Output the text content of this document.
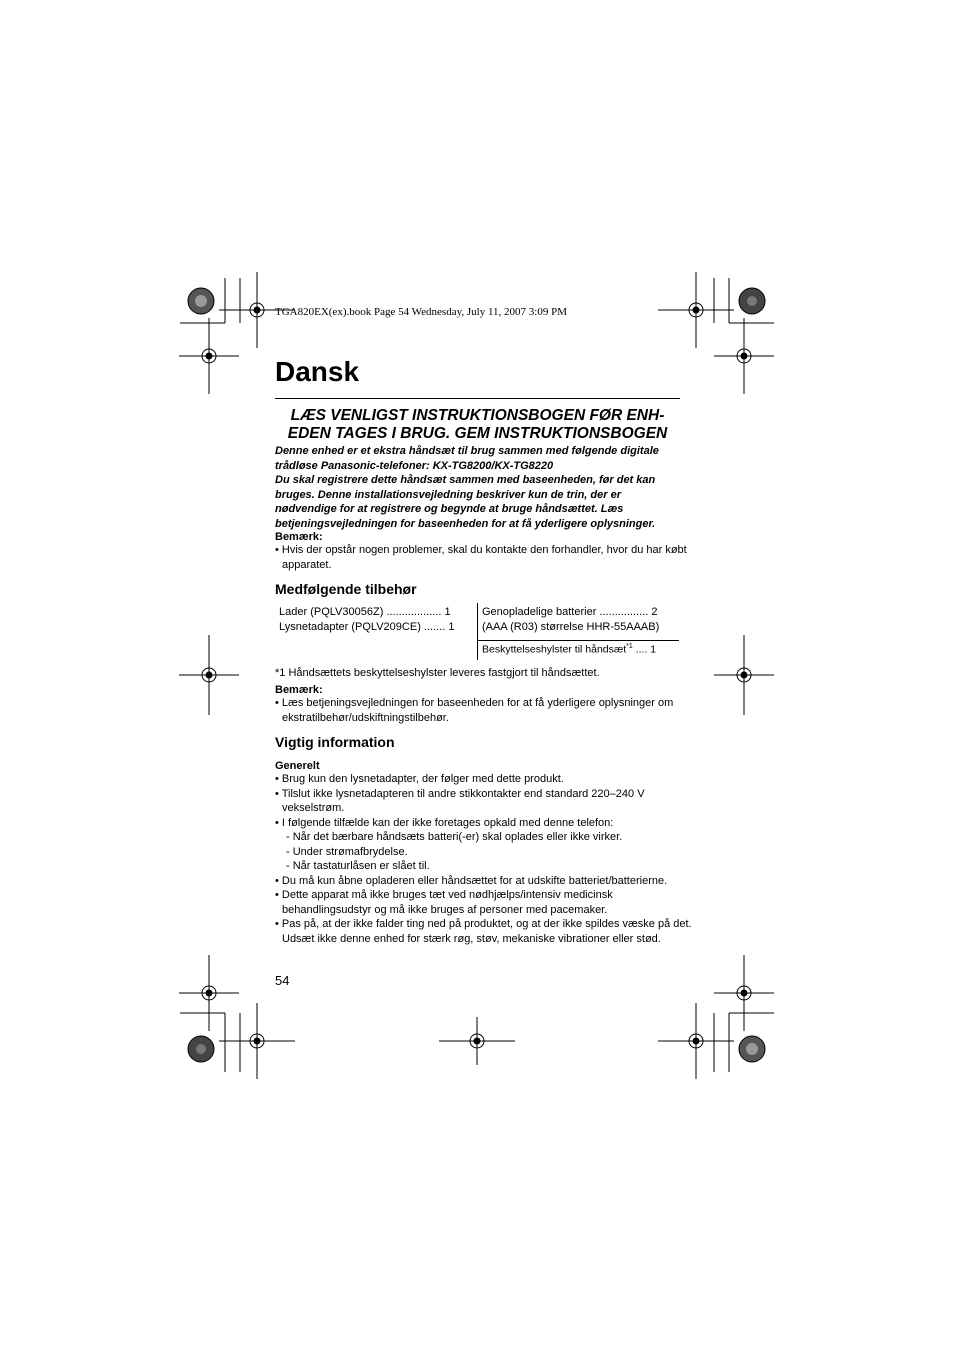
TGA820EX(ex).book Page 54 Wednesday, July 11, 2007 3:09 PM
Dansk
LÆS VENLIGST INSTRUKTIONSBOGEN FØR ENH-
EDEN TAGES I BRUG. GEM INSTRUKTIONSBOGEN
Denne enhed er et ekstra håndsæt til brug sammen med følgende digitale trådløse Panasonic-telefoner: KX-TG8200/KX-TG8220
Du skal registrere dette håndsæt sammen med baseenheden, før det kan bruges. Denne installationsvejledning beskriver kun de trin, der er nødvendige for at registrere og begynde at bruge håndsættet. Læs betjeningsvejledningen for baseenheden for at få yderligere oplysninger.
Bemærk:
• Hvis der opstår nogen problemer, skal du kontakte den forhandler, hvor du har købt apparatet.
Medfølgende tilbehør
Lader (PQLV30056Z) .................. 1
Lysnetadapter (PQLV209CE) ....... 1
Genopladelige batterier ................ 2
(AAA (R03) størrelse HHR-55AAAB)
Beskyttelseshylster til håndsæt$^{*1}$ .... 1
*1 Håndsættets beskyttelseshylster leveres fastgjort til håndsættet.
Bemærk:
• Læs betjeningsvejledningen for baseenheden for at få yderligere oplysninger om ekstratilbehør/udskiftningstilbehør.
Vigtig information
Generelt
• Brug kun den lysnetadapter, der følger med dette produkt.
• Tilslut ikke lysnetadapteren til andre stikkontakter end standard 220–240 V vekselstrøm.
• I følgende tilfælde kan der ikke foretages opkald med denne telefon:
- Når det bærbare håndsæts batteri(-er) skal oplades eller ikke virker.
- Under strømafbrydelse.
- Når tastaturlåsen er slået til.
• Du må kun åbne opladeren eller håndsættet for at udskifte batteriet/batterierne.
• Dette apparat må ikke bruges tæt ved nødhjælps/intensiv medicinsk behandlingsudstyr og må ikke bruges af personer med pacemaker.
• Pas på, at der ikke falder ting ned på produktet, og at der ikke spildes væske på det. Udsæt ikke denne enhed for stærk røg, støv, mekaniske vibrationer eller stød.
54
